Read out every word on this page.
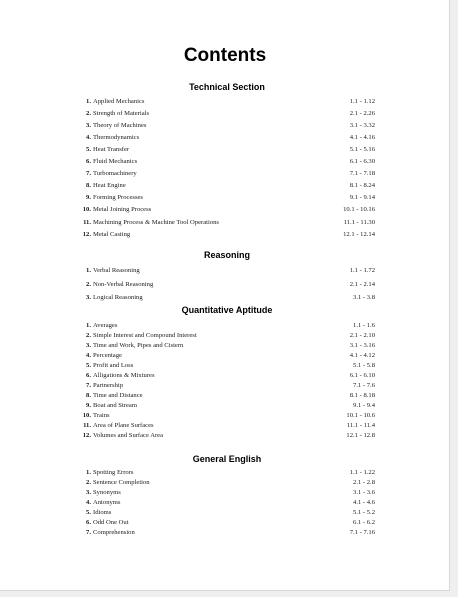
Contents
Technical Section
1. Applied Mechanics	1.1 - 1.12
2. Strength of Materials	2.1 - 2.26
3. Theory of Machines	3.1 - 3.32
4. Thermodynamics	4.1 - 4.16
5. Heat Transfer	5.1 - 5.16
6. Fluid Mechanics	6.1 - 6.30
7. Turbomachinery	7.1 - 7.18
8. Heat Engine	8.1 - 8.24
9. Forming Processes	9.1 - 9.14
10. Metal Joining Process	10.1 - 10.16
11. Machining Process & Machine Tool Operations	11.1 - 11.30
12. Metal Casting	12.1 - 12.14
Reasoning
1. Verbal Reasoning	1.1 - 1.72
2. Non-Verbal Reasoning	2.1 - 2.14
3. Logical Reasoning	3.1 - 3.8
Quantitative Aptitude
1. Averages	1.1 - 1.6
2. Simple Interest and Compound Interest	2.1 - 2.10
3. Time and Work, Pipes and Cistern	3.1 - 3.16
4. Percentage	4.1 - 4.12
5. Profit and Loss	5.1 - 5.8
6. Alligations & Mixtures	6.1 - 6.10
7. Partnership	7.1 - 7.6
8. Time and Distance	8.1 - 8.18
9. Boat and Stream	9.1 - 9.4
10. Trains	10.1 - 10.6
11. Area of Plane Surfaces	11.1 - 11.4
12. Volumes and Surface Area	12.1 - 12.8
General English
1. Spotting Errors	1.1 - 1.22
2. Sentence Completion	2.1 - 2.8
3. Synonyms	3.1 - 3.6
4. Antonyms	4.1 - 4.6
5. Idioms	5.1 - 5.2
6. Odd One Out	6.1 - 6.2
7. Comprehension	7.1 - 7.16
